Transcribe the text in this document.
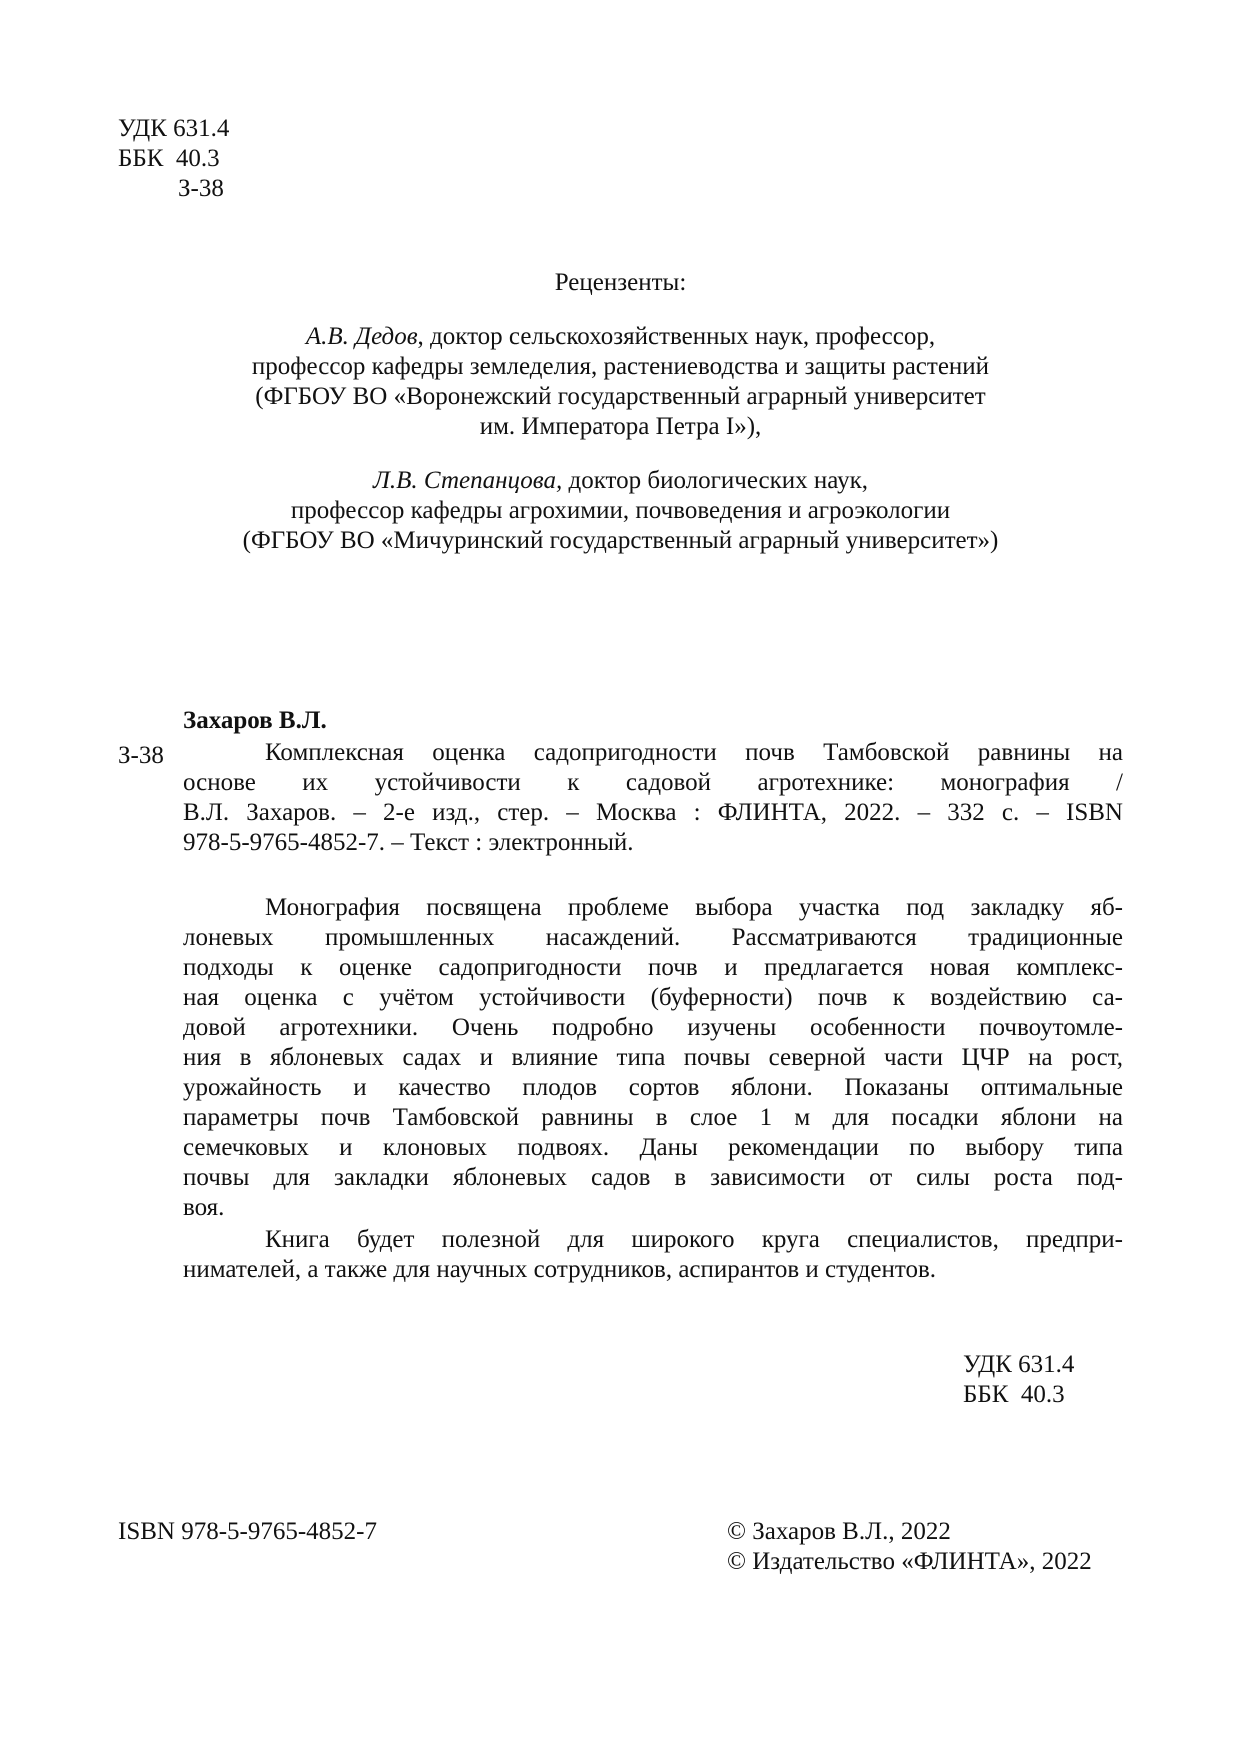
УДК 631.4
ББК  40.3
З-38
Рецензенты:
А.В. Дедов, доктор сельскохозяйственных наук, профессор,
профессор кафедры земледелия, растениеводства и защиты растений
(ФГБОУ ВО «Воронежский государственный аграрный университет
им. Императора Петра I»),
Л.В. Степанцова, доктор биологических наук,
профессор кафедры агрохимии, почвоведения и агроэкологии
(ФГБОУ ВО «Мичуринский государственный аграрный университет»)
Захаров В.Л.
З-38	Комплексная оценка садопригодности почв Тамбовской равнины на
основе их устойчивости к садовой агротехнике: монография /
В.Л. Захаров. – 2-е изд., стер. – Москва : ФЛИНТА, 2022. – 332 с. – ISBN
978-5-9765-4852-7. – Текст : электронный.
Монография посвящена проблеме выбора участка под закладку яб-
лоневых промышленных насаждений. Рассматриваются традиционные
подходы к оценке садопригодности почв и предлагается новая комплекс-
ная оценка с учётом устойчивости (буферности) почв к воздействию са-
довой агротехники. Очень подробно изучены особенности почвоутомле-
ния в яблоневых садах и влияние типа почвы северной части ЦЧР на рост,
урожайность и качество плодов сортов яблони. Показаны оптимальные
параметры почв Тамбовской равнины в слое 1 м для посадки яблони на
семечковых и клоновых подвоях. Даны рекомендации по выбору типа
почвы для закладки яблоневых садов в зависимости от силы роста под-
воя.
Книга будет полезной для широкого круга специалистов, предпри-
нимателей, а также для научных сотрудников, аспирантов и студентов.
УДК 631.4
ББК  40.3
ISBN 978-5-9765-4852-7	© Захаров В.Л., 2022
© Издательство «ФЛИНТА», 2022
